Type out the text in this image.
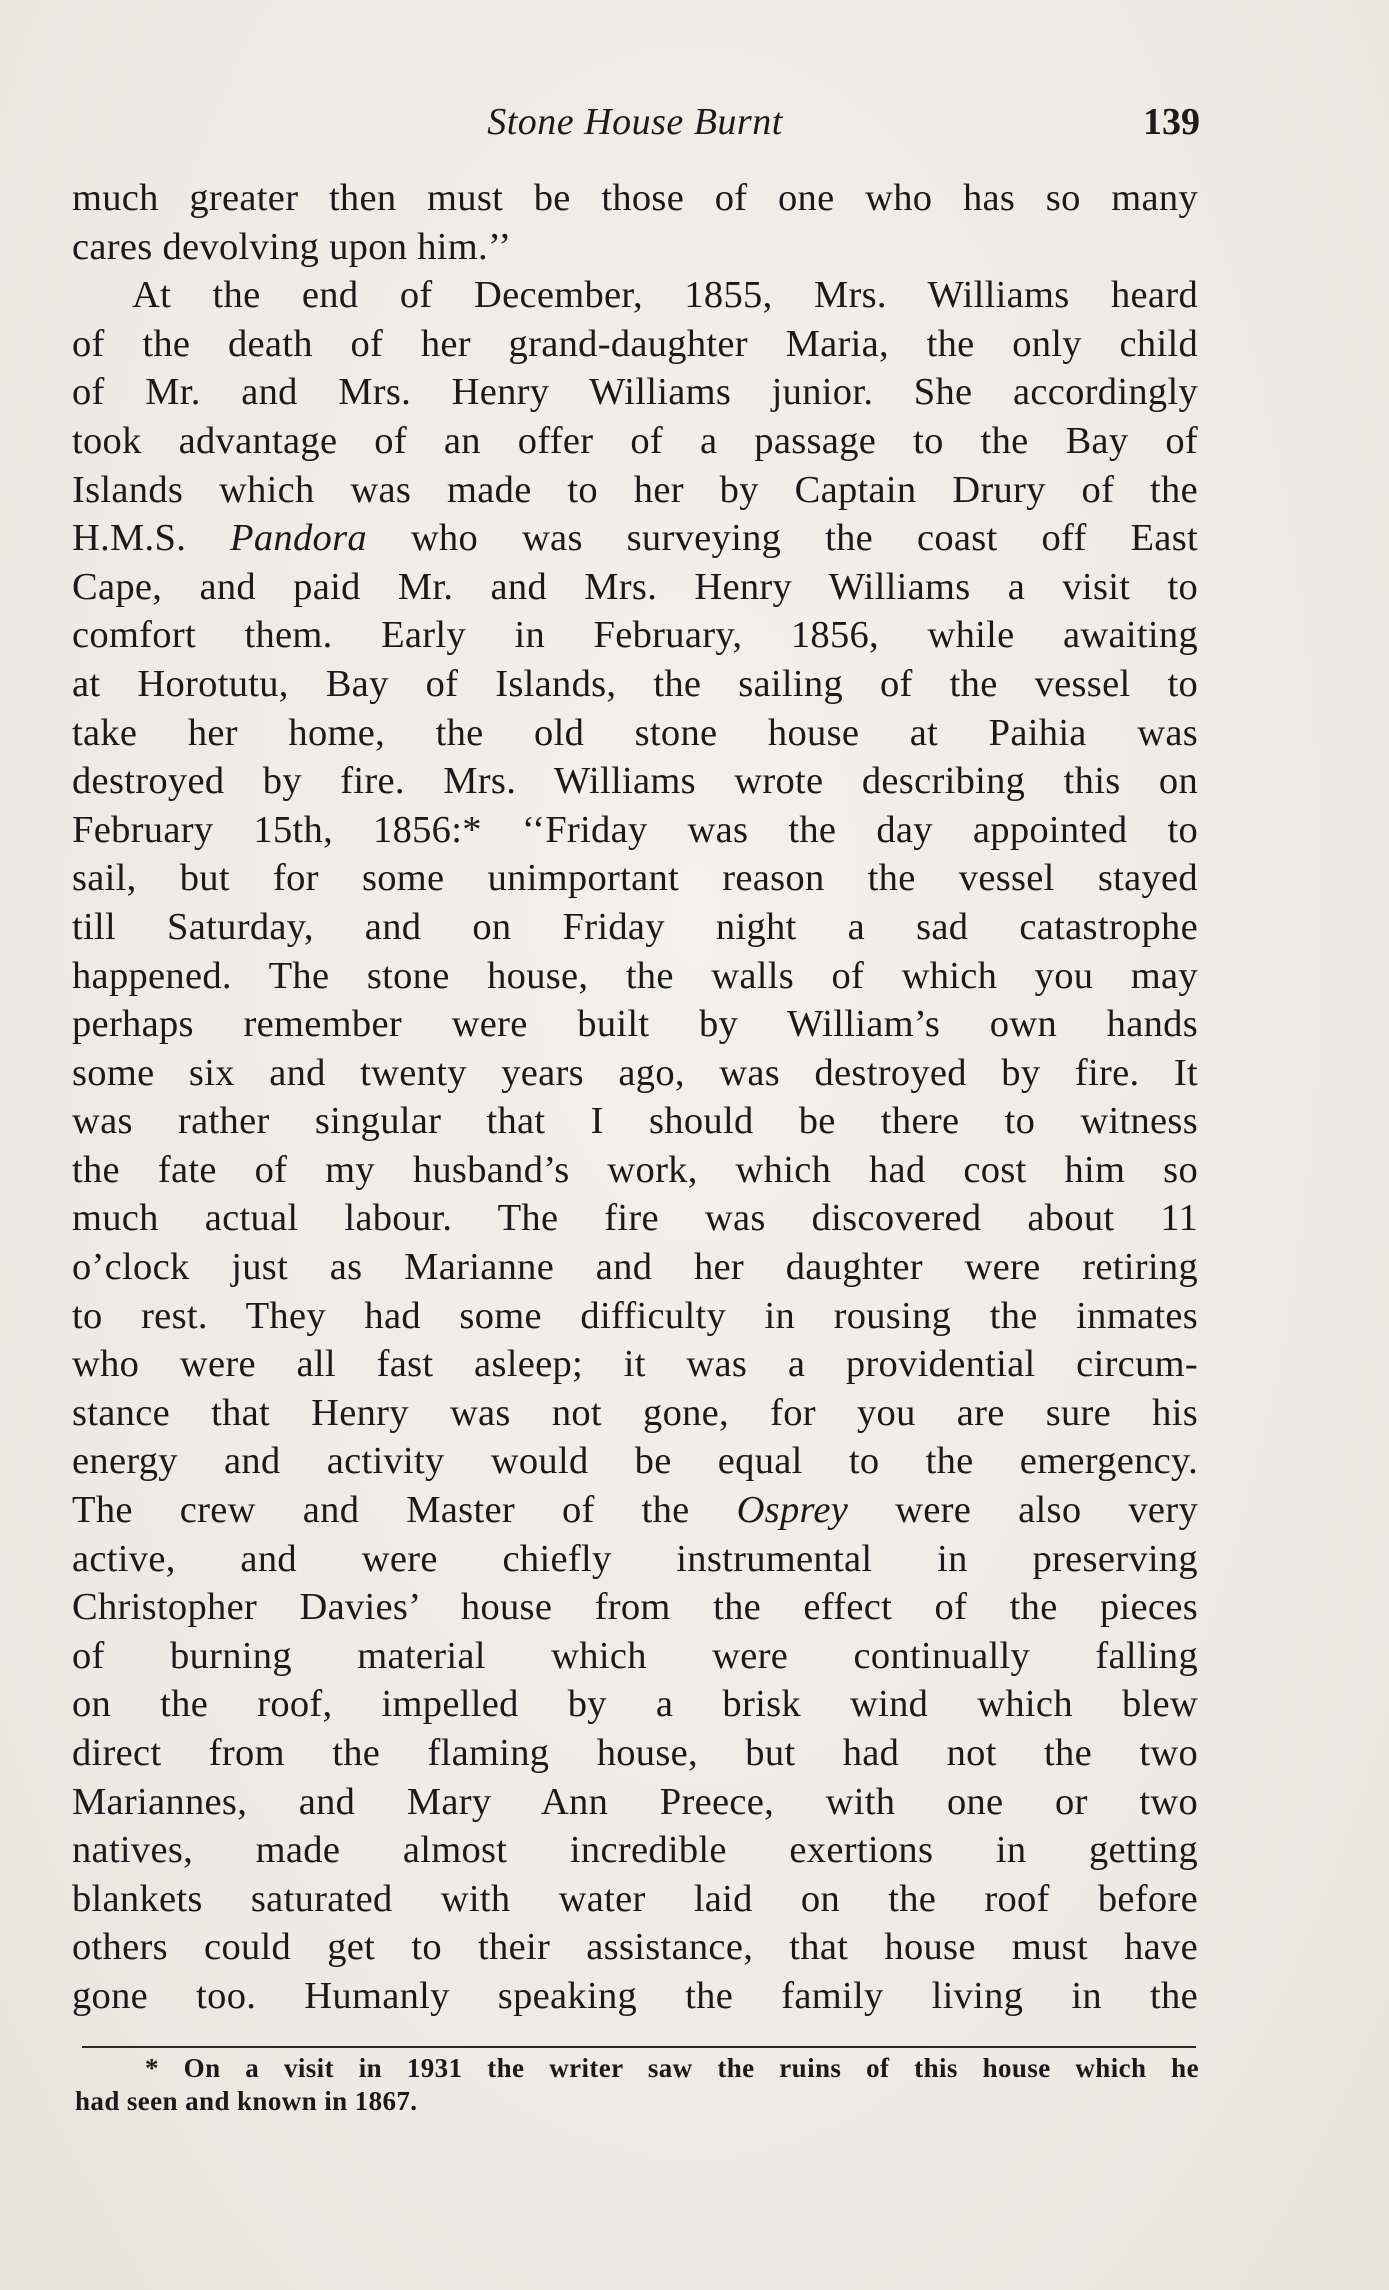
Stone House Burnt	139

much greater then must be those of one who has so many
cares devolving upon him.’’

At the end of December, 1855, Mrs. Williams heard
of the death of her grand-daughter Maria, the only child
of Mr. and Mrs. Henry Williams junior. She accordingly
took advantage of an offer of a passage to the Bay of
Islands which was made to her by Captain Drury of the
H.M.S. Pandora who was surveying the coast off East
Cape, and paid Mr. and Mrs. Henry Williams a visit to
comfort them. Early in February, 1856, while awaiting
at Horotutu, Bay of Islands, the sailing of the vessel to
take her home, the old stone house at Paihia was
destroyed by fire. Mrs. Williams wrote describing this on
February 15th, 1856:* ‘‘Friday was the day appointed to
sail, but for some unimportant reason the vessel stayed
till Saturday, and on Friday night a sad catastrophe
happened. The stone house, the walls of which you may
perhaps remember were built by William’s own hands
some six and twenty years ago, was destroyed by fire. It
was rather singular that I should be there to witness
the fate of my husband’s work, which had cost him so
much actual labour. The fire was discovered about 11
o’clock just as Marianne and her daughter were retiring
to rest. They had some difficulty in rousing the inmates
who were all fast asleep; it was a providential circum-
stance that Henry was not gone, for you are sure his
energy and activity would be equal to the emergency.
The crew and Master of the Osprey were also very
active, and were chiefly instrumental in preserving
Christopher Davies’ house from the effect of the pieces
of burning material which were continually falling
on the roof, impelled by a brisk wind which blew
direct from the flaming house, but had not the two
Mariannes, and Mary Ann Preece, with one or two
natives, made almost incredible exertions in getting
blankets saturated with water laid on the roof before
others could get to their assistance, that house must have
gone too. Humanly speaking the family living in the

* On a visit in 1931 the writer saw the ruins of this house which he
had seen and known in 1867.
